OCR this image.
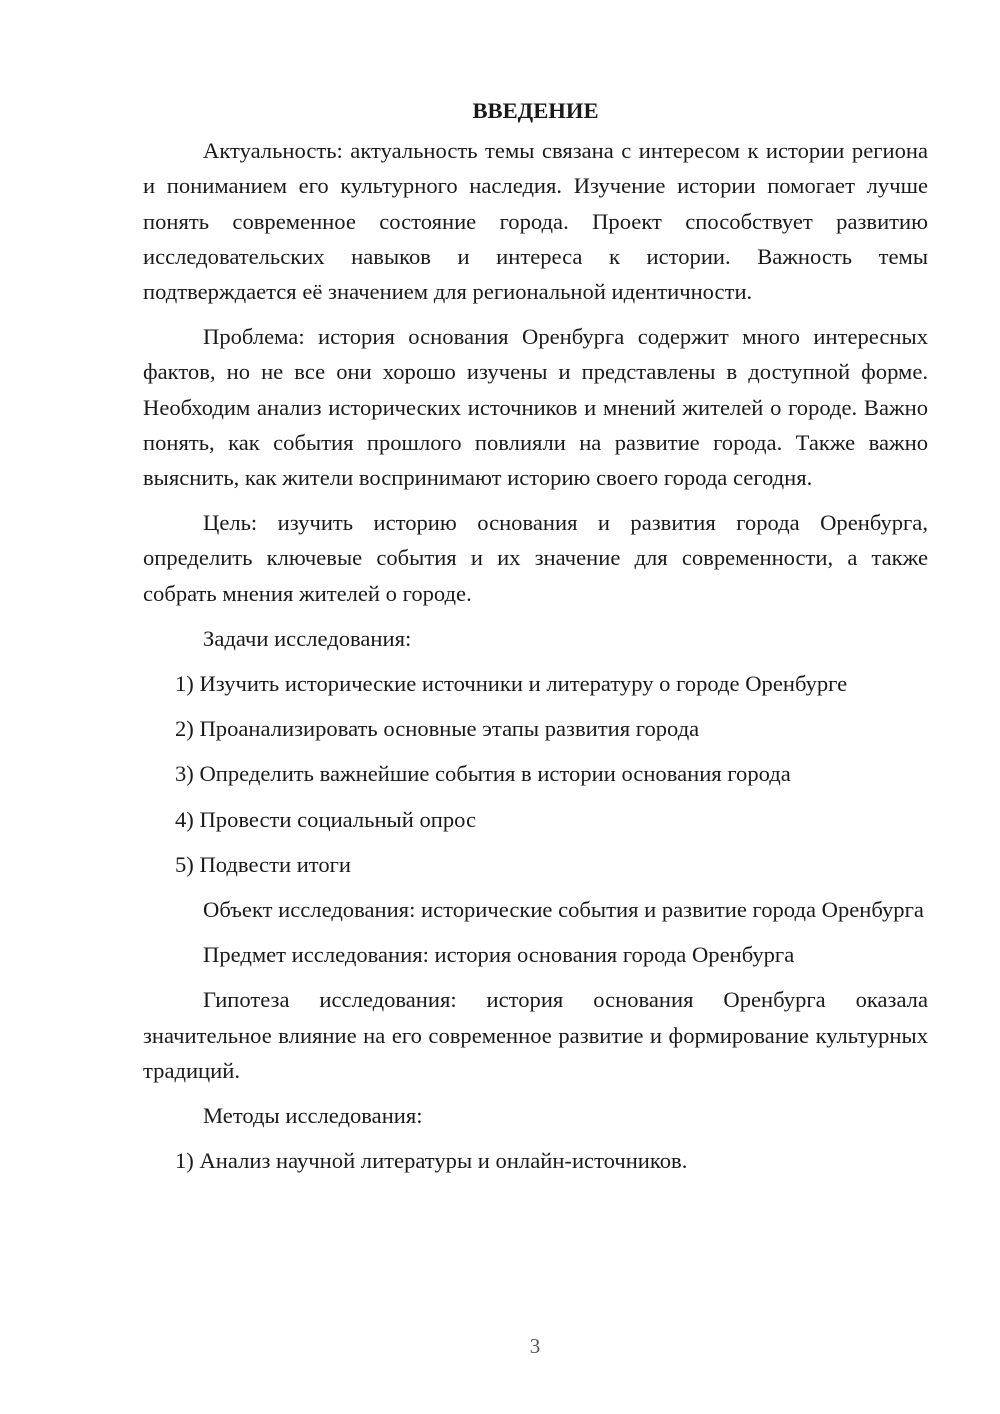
ВВЕДЕНИЕ
Актуальность: актуальность темы связана с интересом к истории региона и пониманием его культурного наследия. Изучение истории помогает лучше понять современное состояние города. Проект способствует развитию исследовательских навыков и интереса к истории. Важность темы подтверждается её значением для региональной идентичности.
Проблема: история основания Оренбурга содержит много интересных фактов, но не все они хорошо изучены и представлены в доступной форме. Необходим анализ исторических источников и мнений жителей о городе. Важно понять, как события прошлого повлияли на развитие города. Также важно выяснить, как жители воспринимают историю своего города сегодня.
Цель: изучить историю основания и развития города Оренбурга, определить ключевые события и их значение для современности, а также собрать мнения жителей о городе.
Задачи исследования:
1) Изучить исторические источники и литературу о городе Оренбурге
2) Проанализировать основные этапы развития города
3) Определить важнейшие события в истории основания города
4) Провести социальный опрос
5) Подвести итоги
Объект исследования: исторические события и развитие города Оренбурга
Предмет исследования: история основания города Оренбурга
Гипотеза исследования: история основания Оренбурга оказала значительное влияние на его современное развитие и формирование культурных традиций.
Методы исследования:
1) Анализ научной литературы и онлайн-источников.
3
